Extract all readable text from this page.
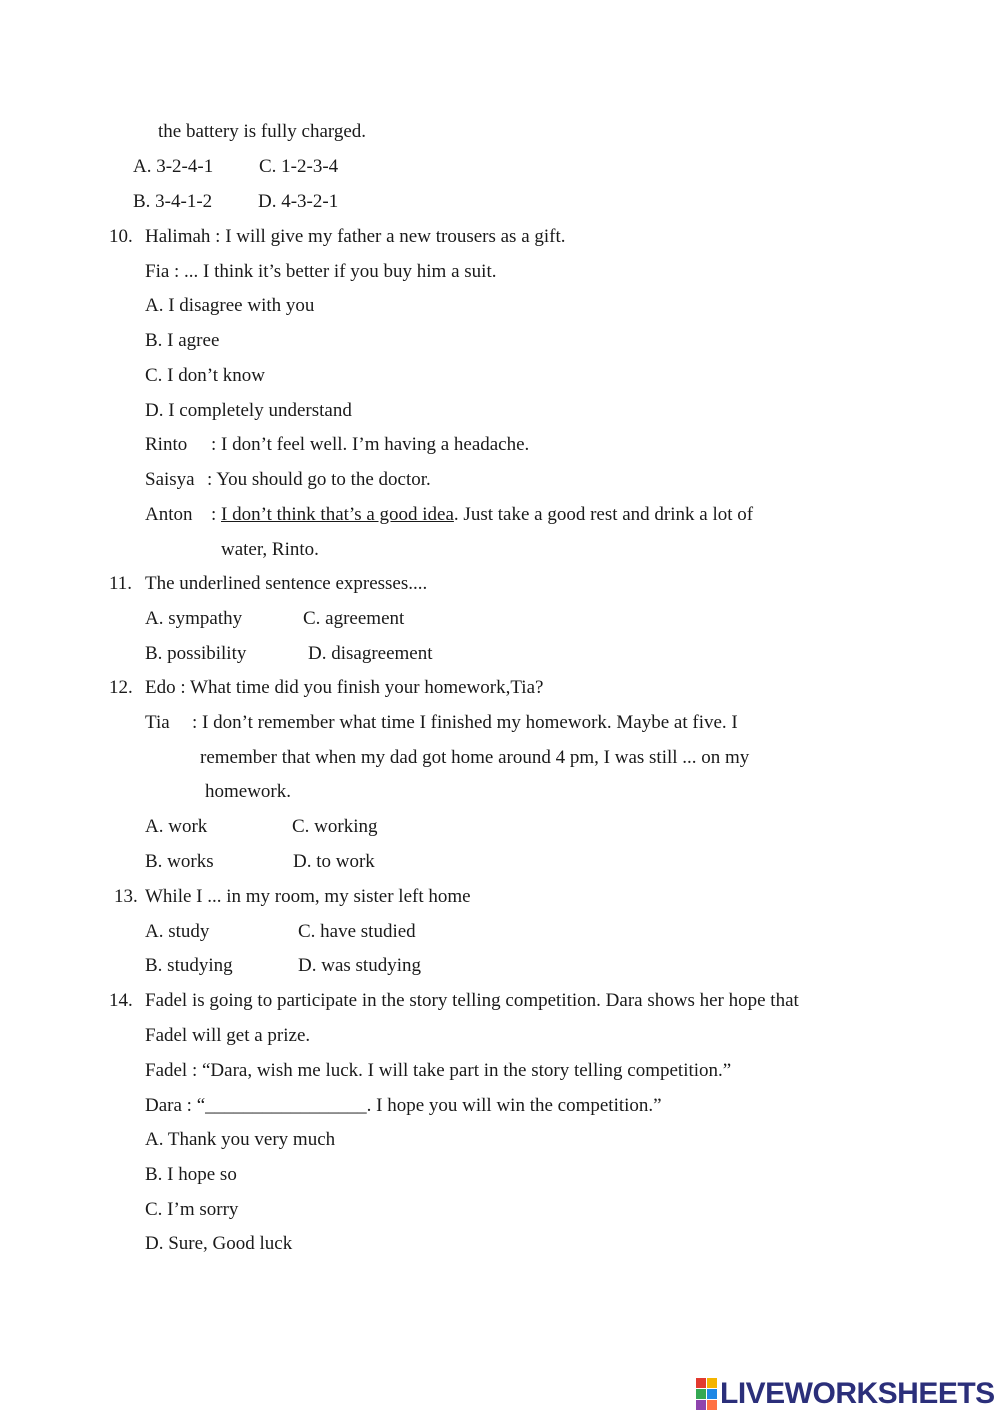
the battery is fully charged.
A. 3-2-4-1 C. 1-2-3-4
B. 3-4-1-2 D. 4-3-2-1
10. Halimah : I will give my father a new trousers as a gift.
Fia : ... I think it’s better if you buy him a suit.
A. I disagree with you
B. I agree
C. I don’t know
D. I completely understand
Rinto : I don’t feel well. I’m having a headache.
Saisya : You should go to the doctor.
Anton : I don’t think that’s a good idea. Just take a good rest and drink a lot of
water, Rinto.
11. The underlined sentence expresses....
A. sympathy	C. agreement
B. possibility	D. disagreement
12. Edo : What time did you finish your homework,Tia?
Tia : I don’t remember what time I finished my homework. Maybe at five. I
remember that when my dad got home around 4 pm, I was still ... on my
homework.
A. work	C. working
B. works	D. to work
13. While I ... in my room, my sister left home
A. study	C. have studied
B. studying	D. was studying
14. Fadel is going to participate in the story telling competition. Dara shows her hope that
Fadel will get a prize.
Fadel : “Dara, wish me luck. I will take part in the story telling competition.”
Dara : “_________________. I hope you will win the competition.”
A. Thank you very much
B. I hope so
C. I’m sorry
D. Sure, Good luck
LIVEWORKSHEETS
